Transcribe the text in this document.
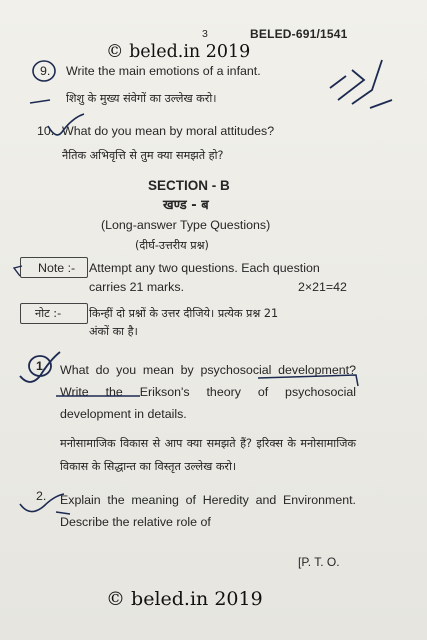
3	BELED-691/1541
© beled.in 2019
9. Write the main emotions of a infant.
शिशु के मुख्य संवेगों का उल्लेख करो।
10. What do you mean by moral attitudes?
नैतिक अभिवृत्ति से तुम क्या समझते हो?
SECTION - B
खण्ड - ब
(Long-answer Type Questions)
(दीर्घ-उत्तरीय प्रश्न)
Note :- Attempt any two questions. Each question
carries 21 marks.	2×21=42
नोट :- किन्हीं दो प्रश्नों के उत्तर दीजिये। प्रत्येक प्रश्न 21
अंकों का है।
1. What do you mean by psychosocial development? Write the Erikson's theory of psychosocial development in details.
मनोसामाजिक विकास से आप क्या समझते हैं? इरिक्स के मनोसामाजिक विकास के सिद्धान्त का विस्तृत उल्लेख करो।
2. Explain the meaning of Heredity and Environment. Describe the relative role of
[P. T. O.
© beled.in 2019
